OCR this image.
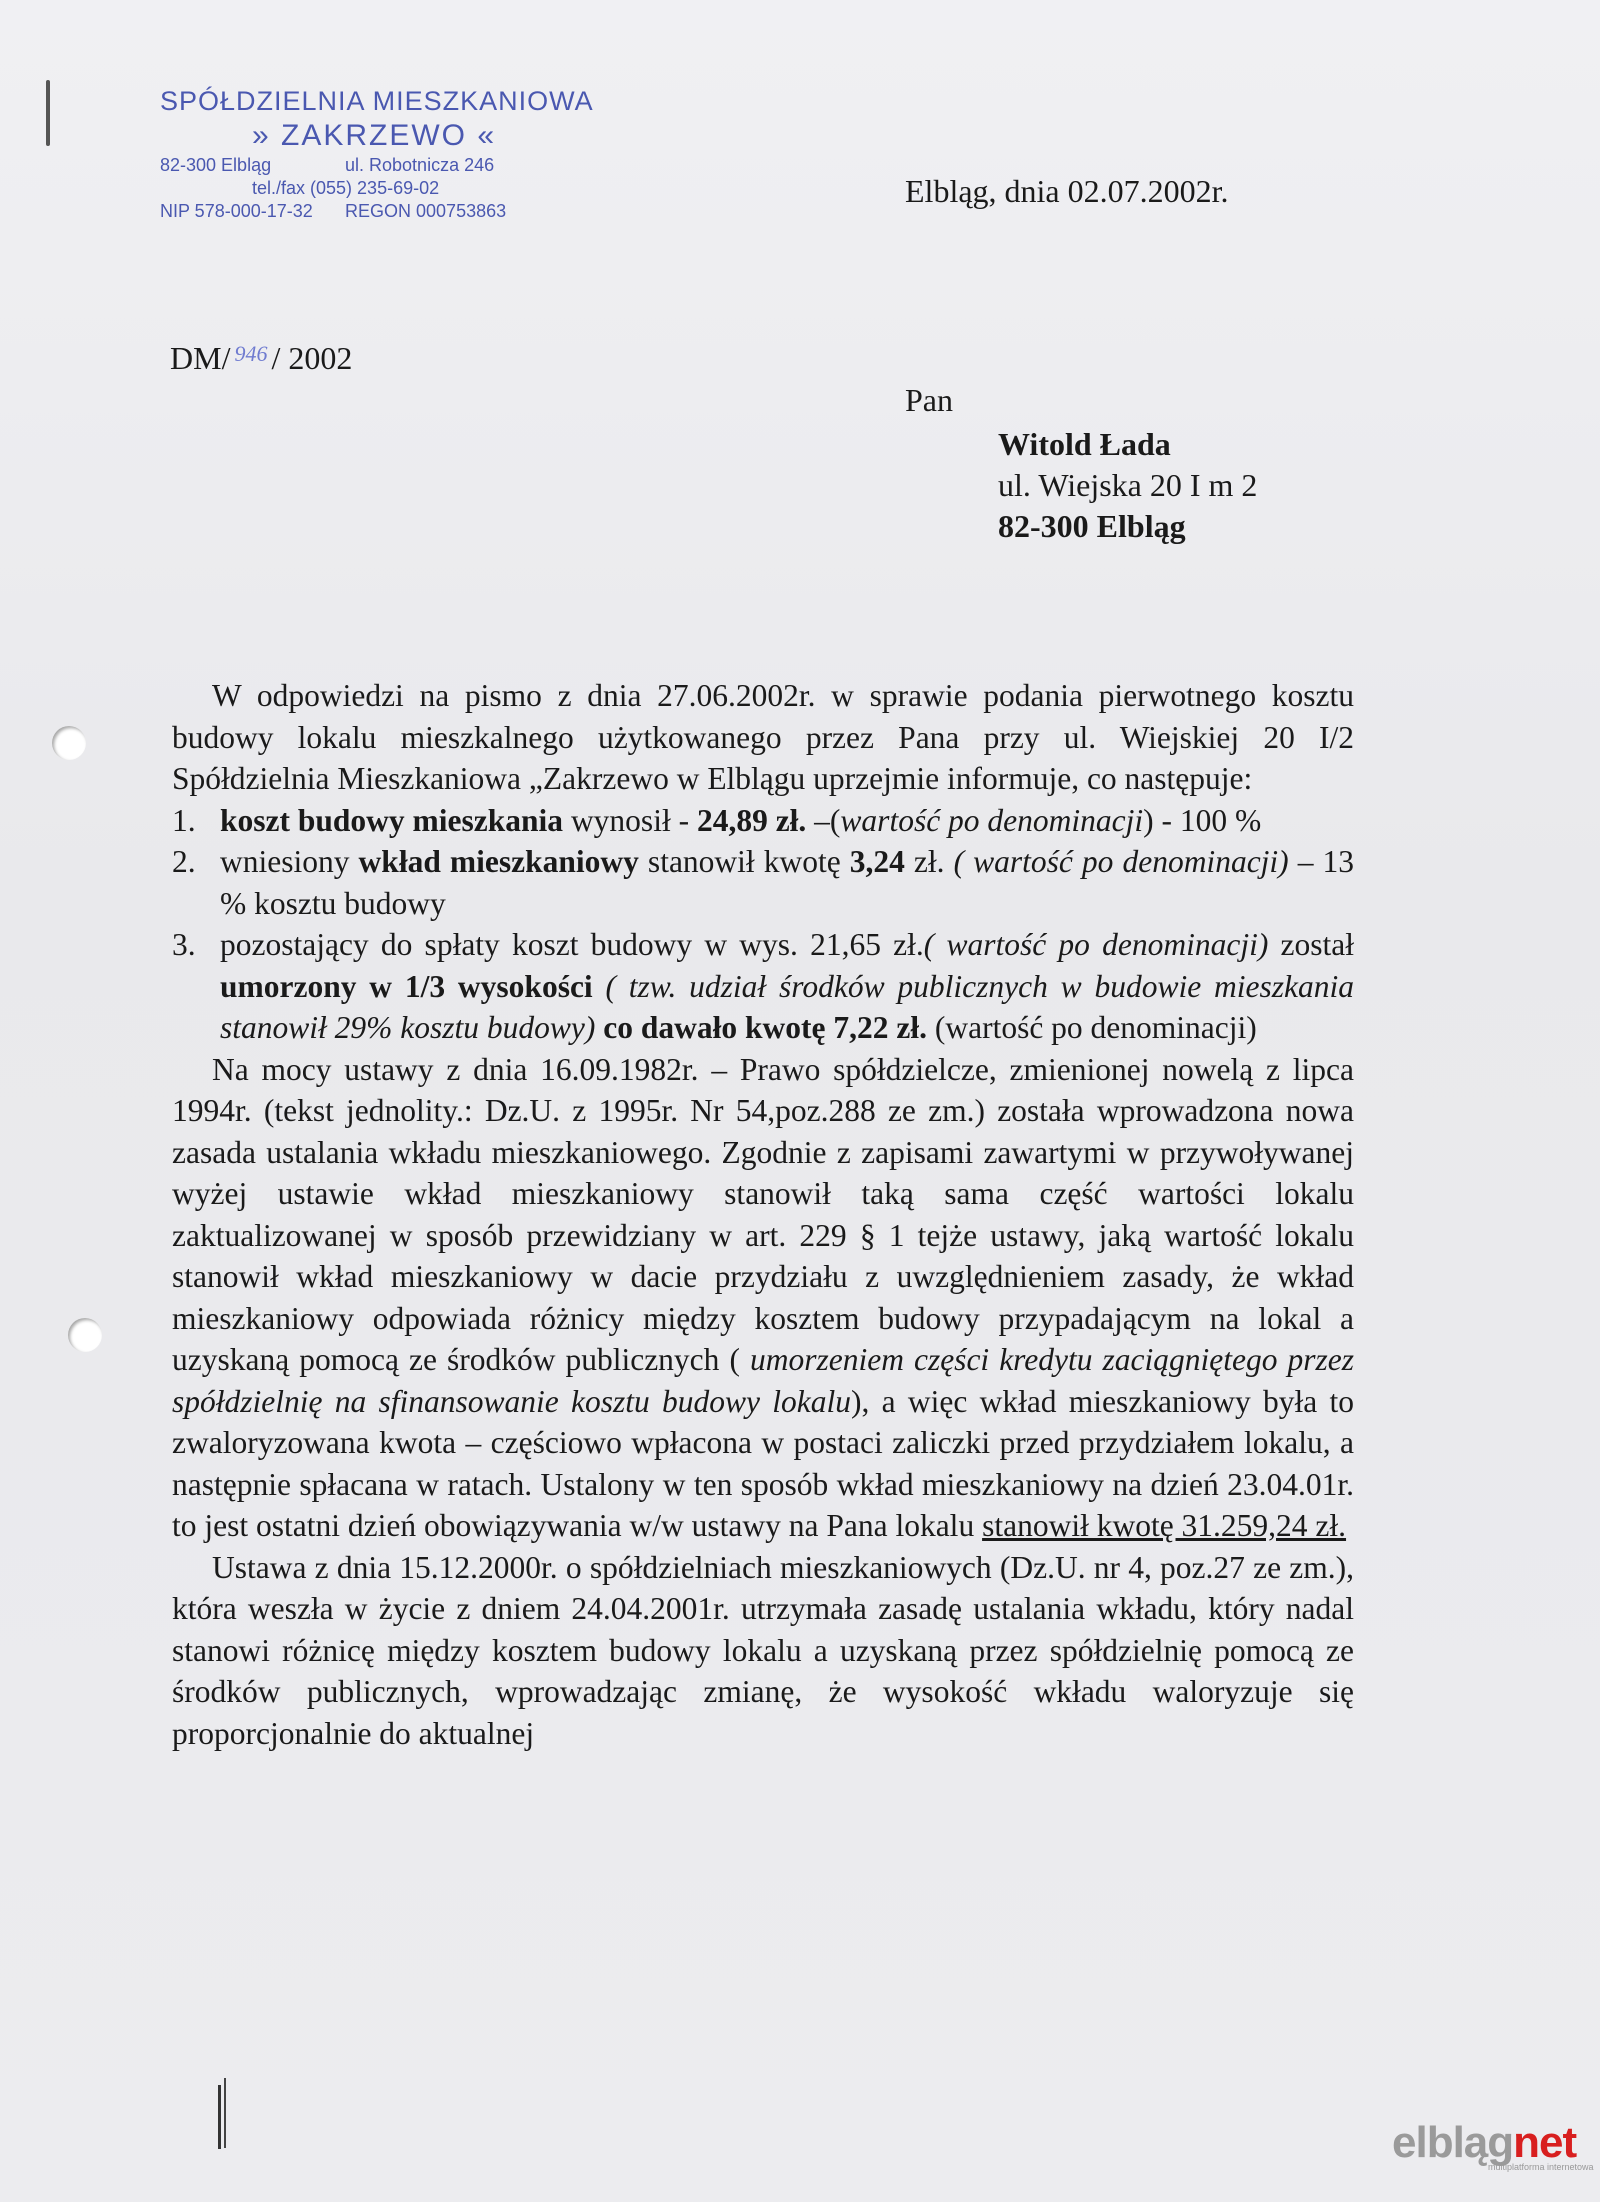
SPÓŁDZIELNIA MIESZKANIOWA
» ZAKRZEWO «
82-300 Elbląg	ul. Robotnicza 246
tel./fax (055) 235-69-02
NIP 578-000-17-32 REGON 000753863
Elbląg, dnia 02.07.2002r.
DM/ $^{946}$ / 2002
Pan
Witold Łada
ul. Wiejska 20 I m 2
82-300 Elbląg

W odpowiedzi na pismo z dnia 27.06.2002r. w sprawie podania pierwotnego kosztu budowy lokalu mieszkalnego użytkowanego przez Pana przy ul. Wiejskiej 20 I/2 Spółdzielnia Mieszkaniowa „Zakrzewo w Elblągu uprzejmie informuje, co następuje:

1. koszt budowy mieszkania wynosił - 24,89 zł. –(wartość po denominacji) - 100 %
2. wniesiony wkład mieszkaniowy stanowił kwotę 3,24 zł. ( wartość po denominacji) – 13 % kosztu budowy
3. pozostający do spłaty koszt budowy w wys. 21,65 zł.( wartość po denominacji) został umorzony w 1/3 wysokości ( tzw. udział środków publicznych w budowie mieszkania stanowił 29% kosztu budowy) co dawało kwotę 7,22 zł. (wartość po denominacji)

Na mocy ustawy z dnia 16.09.1982r. – Prawo spółdzielcze, zmienionej nowelą z lipca 1994r. (tekst jednolity.: Dz.U. z 1995r. Nr 54,poz.288 ze zm.) została wprowadzona nowa zasada ustalania wkładu mieszkaniowego. Zgodnie z zapisami zawartymi w przywoływanej wyżej ustawie wkład mieszkaniowy stanowił taką sama część wartości lokalu zaktualizowanej w sposób przewidziany w art. 229 § 1 tejże ustawy, jaką wartość lokalu stanowił wkład mieszkaniowy w dacie przydziału z uwzględnieniem zasady, że wkład mieszkaniowy odpowiada różnicy między kosztem budowy przypadającym na lokal a uzyskaną pomocą ze środków publicznych ( umorzeniem części kredytu zaciągniętego przez spółdzielnię na sfinansowanie kosztu budowy lokalu), a więc wkład mieszkaniowy była to zwaloryzowana kwota – częściowo wpłacona w postaci zaliczki przed przydziałem lokalu, a następnie spłacana w ratach. Ustalony w ten sposób wkład mieszkaniowy na dzień 23.04.01r. to jest ostatni dzień obowiązywania w/w ustawy na Pana lokalu stanowił kwotę 31.259,24 zł.

Ustawa z dnia 15.12.2000r. o spółdzielniach mieszkaniowych (Dz.U. nr 4, poz.27 ze zm.), która weszła w życie z dniem 24.04.2001r. utrzymała zasadę ustalania wkładu, który nadal stanowi różnicę między kosztem budowy lokalu a uzyskaną przez spółdzielnię pomocą ze środków publicznych, wprowadzając zmianę, że wysokość wkładu waloryzuje się proporcjonalnie do aktualnej

elblągnet
multiplatforma internetowa
